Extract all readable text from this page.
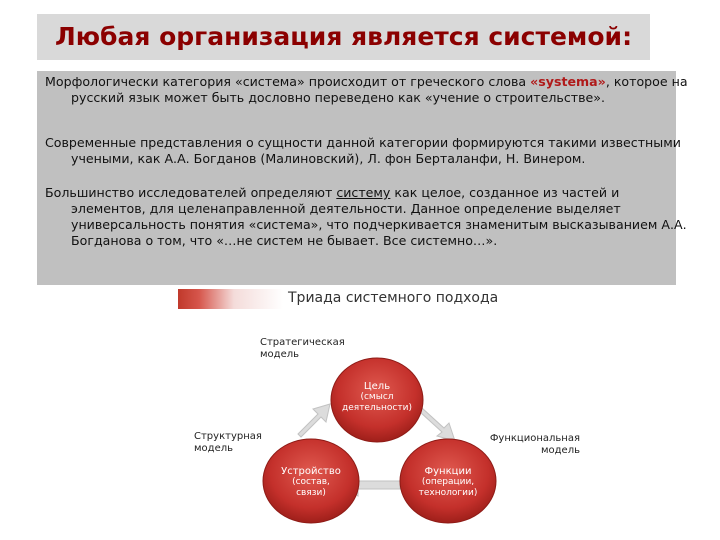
Любая организация является системой:

Морфологически категория «система» происходит от греческого слова «systema», которое на русский язык может быть дословно переведено как «учение о строительстве».

Современные представления о сущности данной категории формируются такими известными учеными, как А.А. Богданов (Малиновский), Л. фон Берталанфи, Н. Винером.

Большинство исследователей определяют систему как целое, созданное из частей и элементов, для целенаправленной деятельности. Данное определение выделяет универсальность понятия «система», что подчеркивается знаменитым высказыванием А.А. Богданова о том, что «…не систем не бывает. Все системно…».

Триада системного подхода
Стратегическая
модель
Структурная
модель
Функциональная
модель
Цель
(смысл
деятельности)
Устройство
(состав,
связи)
Функции
(операции,
технологии)
